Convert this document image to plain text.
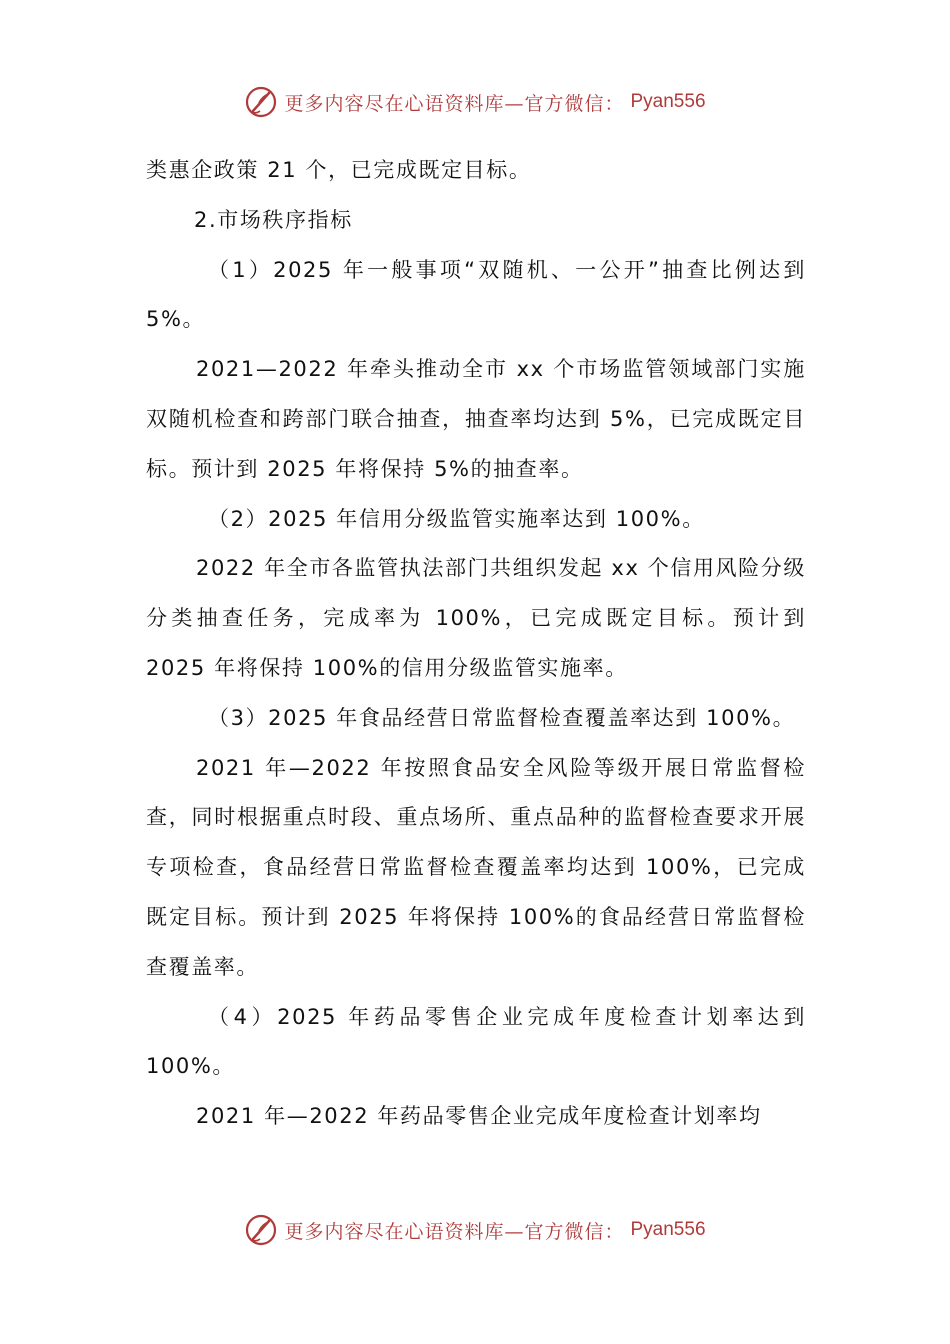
更多内容尽在心语资料库—官方微信： Pyan556

类惠企政策 21 个，已完成既定目标。

2.市场秩序指标

（1）2025 年一般事项“双随机、一公开”抽查比例达到 5%。

2021—2022 年牵头推动全市 xx 个市场监管领域部门实施双随机检查和跨部门联合抽查，抽查率均达到 5%，已完成既定目标。预计到 2025 年将保持 5%的抽查率。

（2）2025 年信用分级监管实施率达到 100%。

2022 年全市各监管执法部门共组织发起 xx 个信用风险分级分类抽查任务，完成率为 100%，已完成既定目标。预计到 2025 年将保持 100%的信用分级监管实施率。

（3）2025 年食品经营日常监督检查覆盖率达到 100%。

2021 年—2022 年按照食品安全风险等级开展日常监督检查，同时根据重点时段、重点场所、重点品种的监督检查要求开展专项检查，食品经营日常监督检查覆盖率均达到 100%，已完成既定目标。预计到 2025 年将保持 100%的食品经营日常监督检查覆盖率。

（4）2025 年药品零售企业完成年度检查计划率达到 100%。

2021 年—2022 年药品零售企业完成年度检查计划率均

更多内容尽在心语资料库—官方微信： Pyan556
